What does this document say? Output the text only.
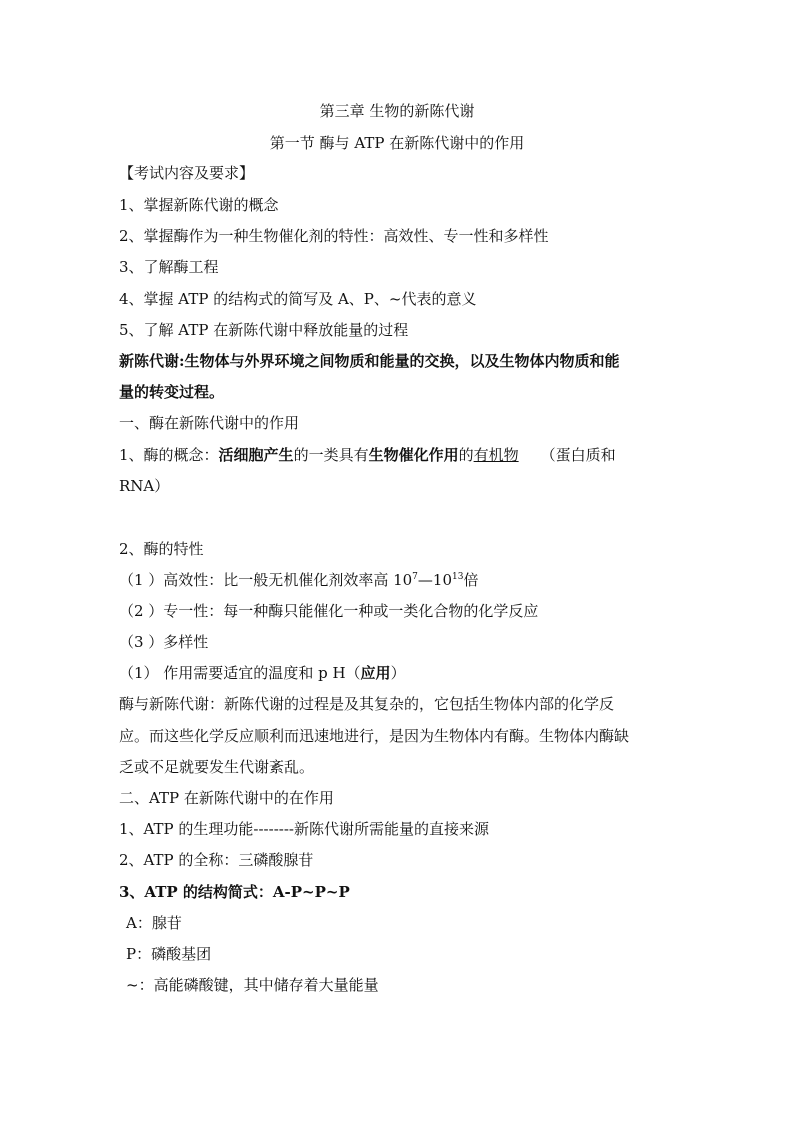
第三章 生物的新陈代谢
第一节 酶与 ATP 在新陈代谢中的作用
【考试内容及要求】
1、掌握新陈代谢的概念
2、掌握酶作为一种生物催化剂的特性：高效性、专一性和多样性
3、了解酶工程
4、掌握 ATP 的结构式的简写及 A、P、~代表的意义
5、了解 ATP 在新陈代谢中释放能量的过程
新陈代谢:生物体与外界环境之间物质和能量的交换，以及生物体内物质和能
量的转变过程。
一、酶在新陈代谢中的作用
1、酶的概念：活细胞产生的一类具有生物催化作用的有机物 （蛋白质和
RNA）
2、酶的特性
（1 ）高效性：比一般无机催化剂效率高 $10^7—10^{13}$倍
（2 ）专一性：每一种酶只能催化一种或一类化合物的化学反应
（3 ）多样性
（1） 作用需要适宜的温度和 p H（应用）
酶与新陈代谢：新陈代谢的过程是及其复杂的，它包括生物体内部的化学反
应。而这些化学反应顺利而迅速地进行，是因为生物体内有酶。生物体内酶缺
乏或不足就要发生代谢紊乱。
二、ATP 在新陈代谢中的在作用
1、ATP 的生理功能--------新陈代谢所需能量的直接来源
2、ATP 的全称：三磷酸腺苷
3、ATP 的结构简式：A-P~P~P
A：腺苷
P：磷酸基团
~：高能磷酸键，其中储存着大量能量
